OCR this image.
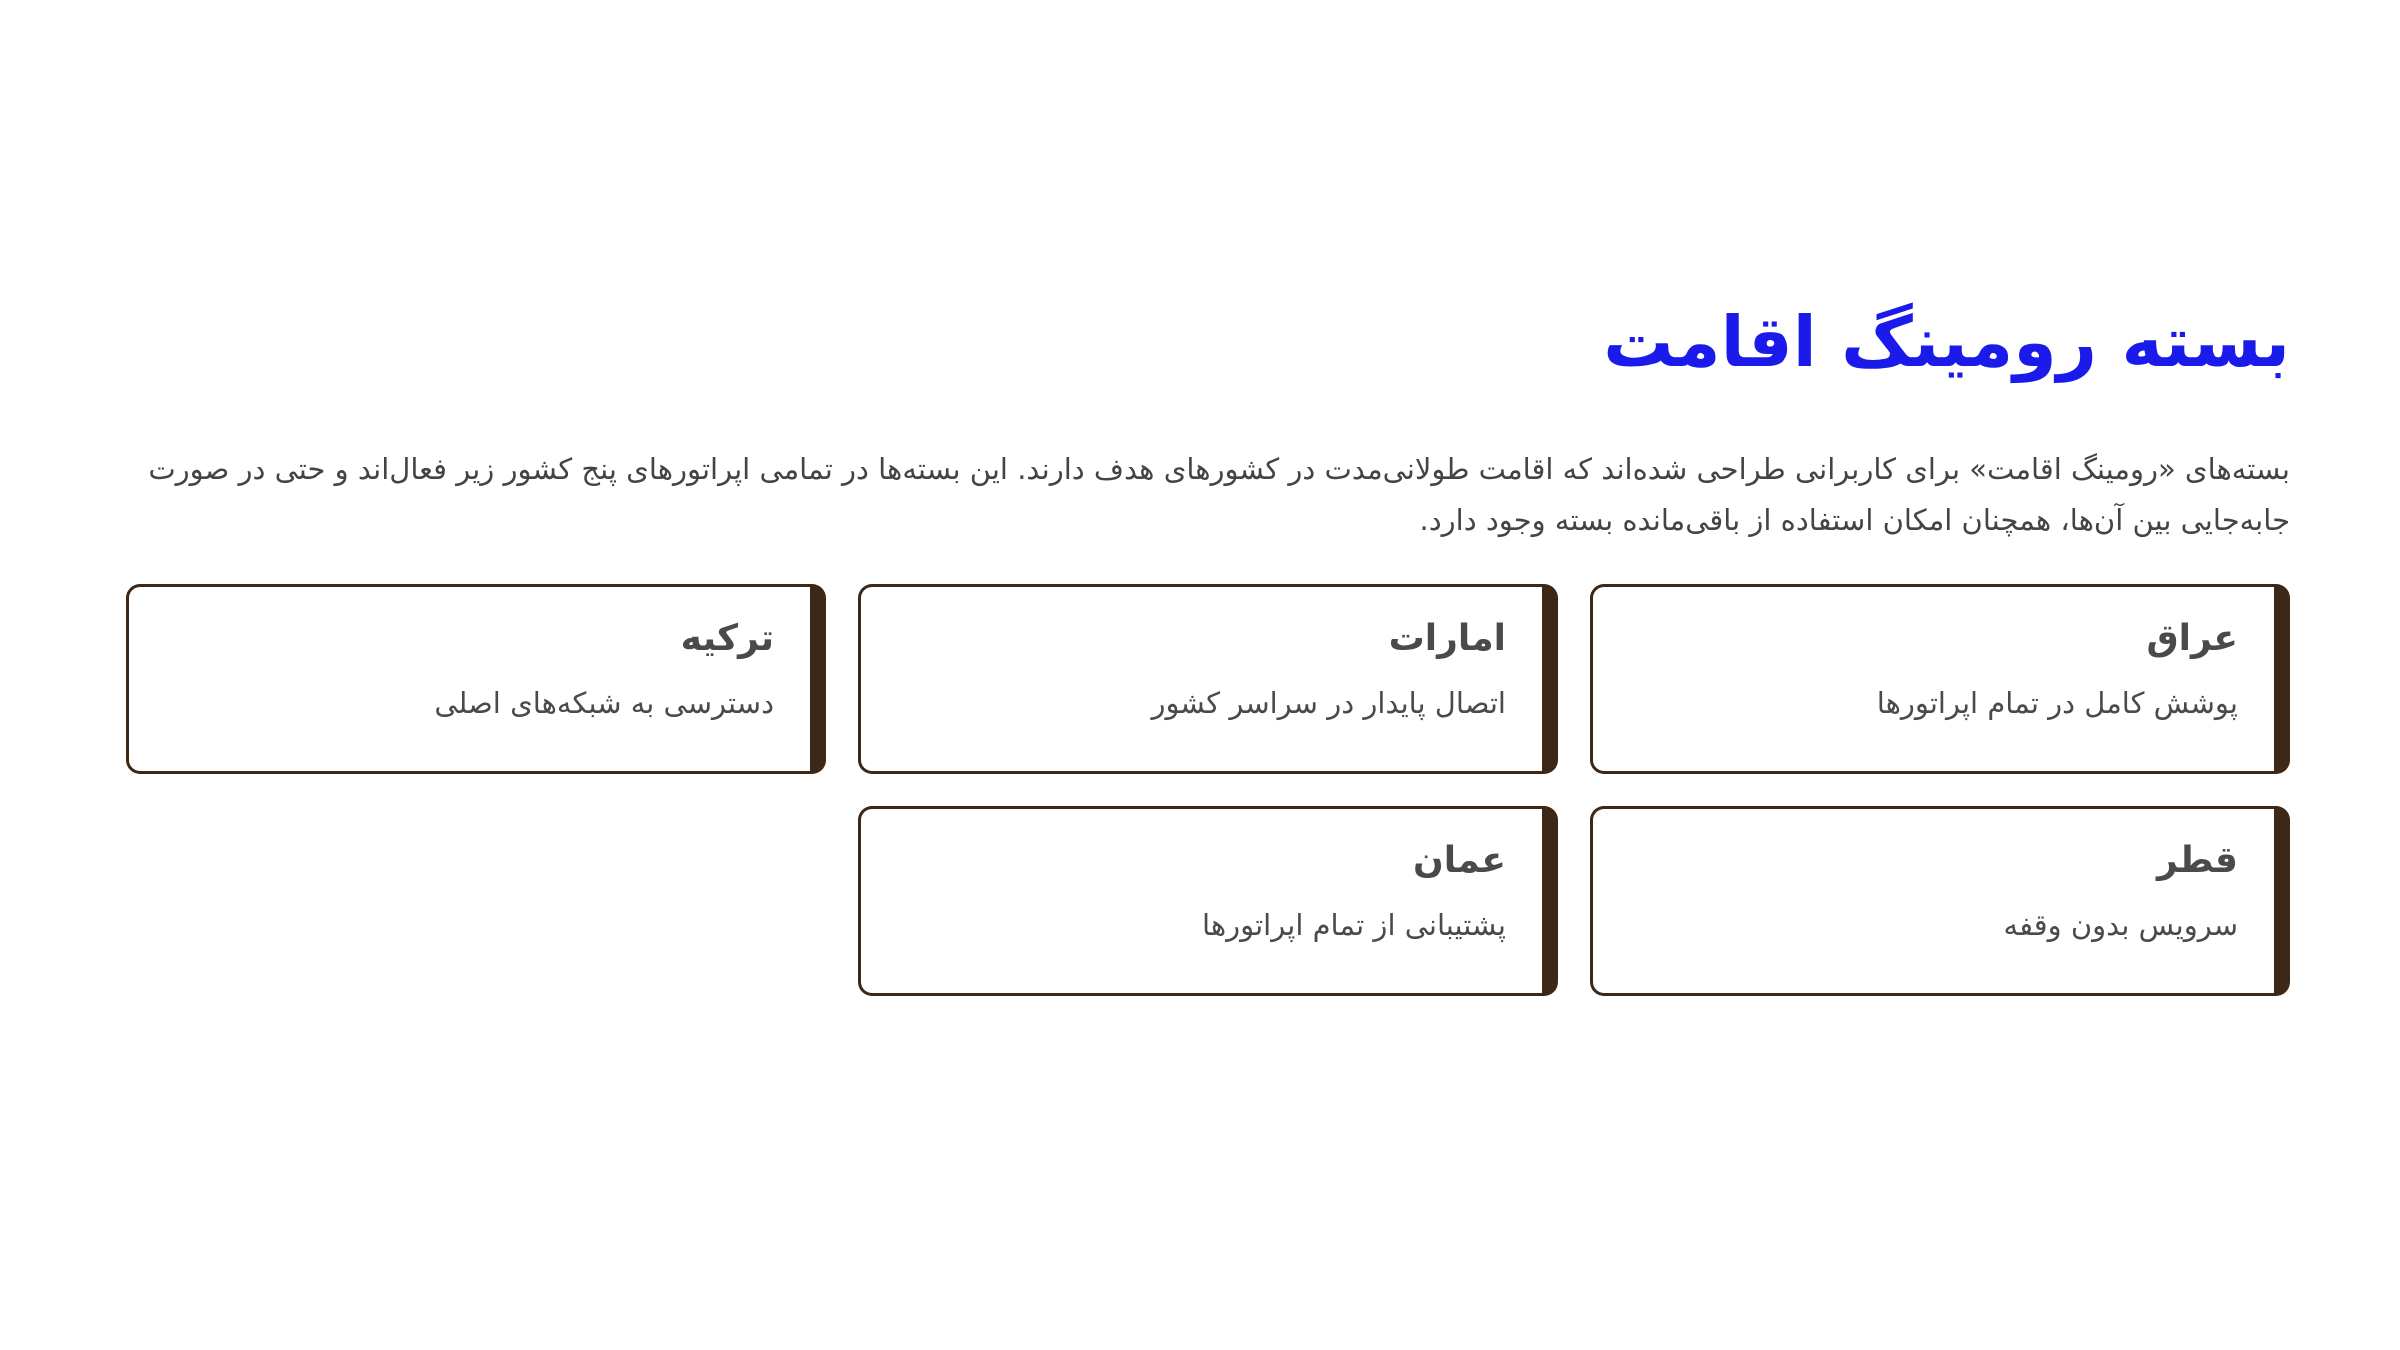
بسته رومینگ اقامت

بسته‌های «رومینگ اقامت» برای کاربرانی طراحی شده‌اند که اقامت طولانی‌مدت در کشورهای هدف دارند. این بسته‌ها در تمامی اپراتورهای پنج کشور زیر فعال‌اند و حتی در صورت جابه‌جایی بین آن‌ها، همچنان امکان استفاده از باقی‌مانده بسته وجود دارد.

عراق
پوشش کامل در تمام اپراتورها
امارات
اتصال پایدار در سراسر کشور
ترکیه
دسترسی به شبکه‌های اصلی
قطر
سرویس بدون وقفه
عمان
پشتیبانی از تمام اپراتورها
